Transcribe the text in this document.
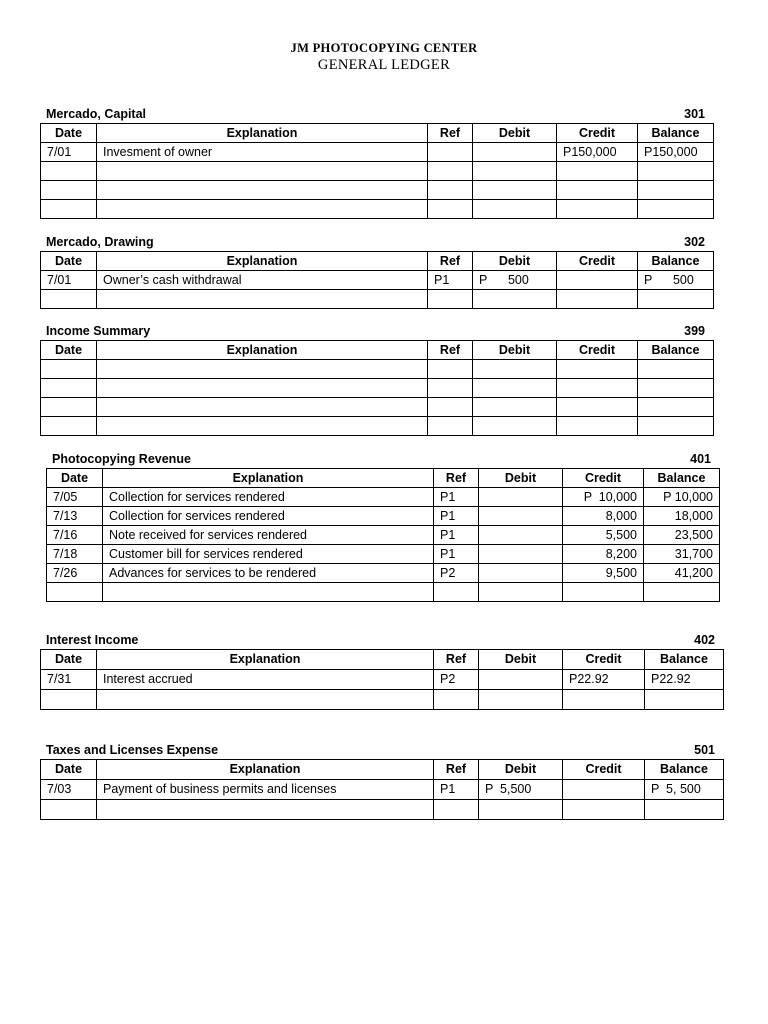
JM PHOTOCOPYING CENTER
GENERAL LEDGER
Mercado, Capital	301
Date	Explanation	Ref	Debit	Credit	Balance
7/01	Invesment of owner			P150,000	P150,000

Mercado, Drawing	302
Date	Explanation	Ref	Debit	Credit	Balance
7/01	Owner’s cash withdrawal	P1	P      500		P      500

Income Summary	399
Date	Explanation	Ref	Debit	Credit	Balance

Photocopying Revenue	401
Date	Explanation	Ref	Debit	Credit	Balance
7/05	Collection for services rendered	P1		P  10,000	P 10,000
7/13	Collection for services rendered	P1		8,000	18,000
7/16	Note received for services rendered	P1		5,500	23,500
7/18	Customer bill for services rendered	P1		8,200	31,700
7/26	Advances for services to be rendered	P2		9,500	41,200

Interest Income	402
Date	Explanation	Ref	Debit	Credit	Balance
7/31	Interest accrued	P2		P22.92	P22.92

Taxes and Licenses Expense	501
Date	Explanation	Ref	Debit	Credit	Balance
7/03	Payment of business permits and licenses	P1	P  5,500		P  5, 500
